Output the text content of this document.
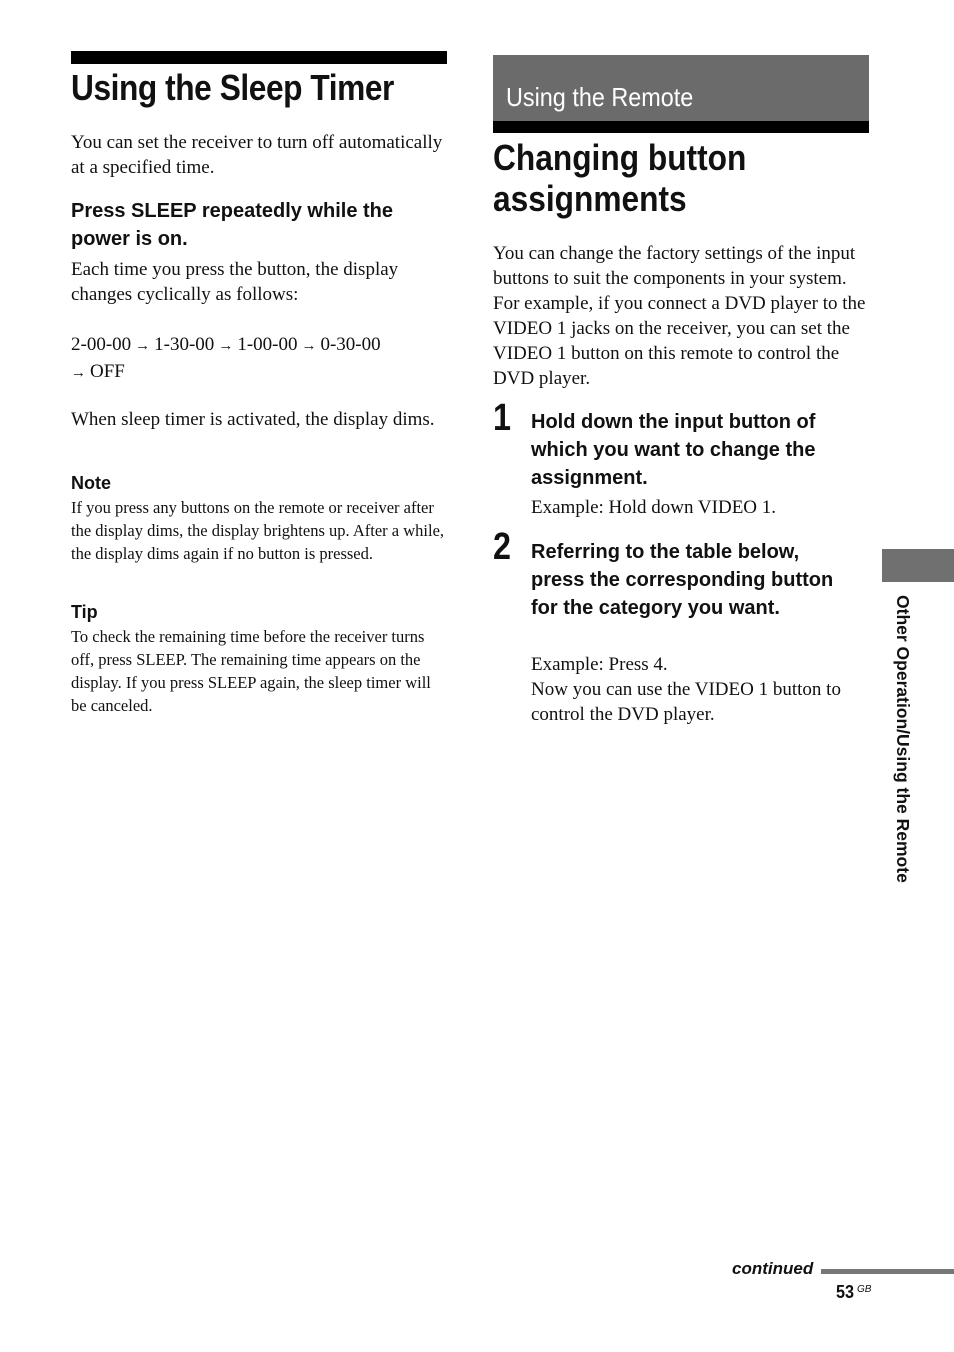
Using the Sleep Timer
You can set the receiver to turn off automatically at a specified time.
Press SLEEP repeatedly while the power is on.
Each time you press the button, the display changes cyclically as follows:
2-00-00 → 1-30-00 → 1-00-00 → 0-30-00
→ OFF
When sleep timer is activated, the display dims.
Note
If you press any buttons on the remote or receiver after the display dims, the display brightens up. After a while, the display dims again if no button is pressed.
Tip
To check the remaining time before the receiver turns off, press SLEEP. The remaining time appears on the display. If you press SLEEP again, the sleep timer will be canceled.
Using the Remote
Changing button assignments
You can change the factory settings of the input buttons to suit the components in your system. For example, if you connect a DVD player to the VIDEO 1 jacks on the receiver, you can set the VIDEO 1 button on this remote to control the DVD player.
1 Hold down the input button of which you want to change the assignment.
Example: Hold down VIDEO 1.
2 Referring to the table below, press the corresponding button for the category you want.
Example: Press 4.
Now you can use the VIDEO 1 button to control the DVD player.	Other Operation/Using the Remote
continued
53 GB
